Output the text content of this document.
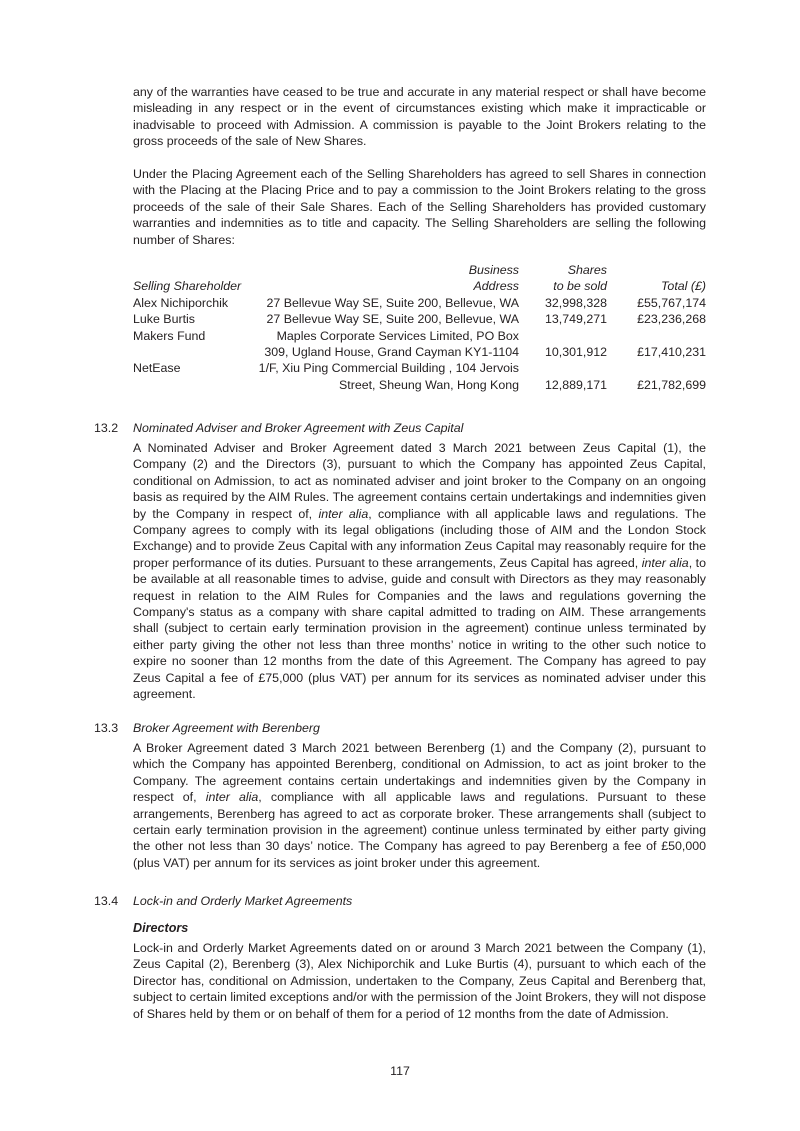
any of the warranties have ceased to be true and accurate in any material respect or shall have become misleading in any respect or in the event of circumstances existing which make it impracticable or inadvisable to proceed with Admission. A commission is payable to the Joint Brokers relating to the gross proceeds of the sale of New Shares.

Under the Placing Agreement each of the Selling Shareholders has agreed to sell Shares in connection with the Placing at the Placing Price and to pay a commission to the Joint Brokers relating to the gross proceeds of the sale of their Sale Shares. Each of the Selling Shareholders has provided customary warranties and indemnities as to title and capacity. The Selling Shareholders are selling the following number of Shares:

	Business	Shares	
Selling Shareholder	Address	to be sold	Total (£)
Alex Nichiporchik	27 Bellevue Way SE, Suite 200, Bellevue, WA	32,998,328	£55,767,174
Luke Burtis	27 Bellevue Way SE, Suite 200, Bellevue, WA	13,749,271	£23,236,268
Makers Fund	Maples Corporate Services Limited, PO Box		
	309, Ugland House, Grand Cayman KY1-1104	10,301,912	£17,410,231
NetEase	1/F, Xiu Ping Commercial Building , 104 Jervois		
	Street, Sheung Wan, Hong Kong	12,889,171	£21,782,699
13.2 Nominated Adviser and Broker Agreement with Zeus Capital

A Nominated Adviser and Broker Agreement dated 3 March 2021 between Zeus Capital (1), the Company (2) and the Directors (3), pursuant to which the Company has appointed Zeus Capital, conditional on Admission, to act as nominated adviser and joint broker to the Company on an ongoing basis as required by the AIM Rules. The agreement contains certain undertakings and indemnities given by the Company in respect of, inter alia, compliance with all applicable laws and regulations. The Company agrees to comply with its legal obligations (including those of AIM and the London Stock Exchange) and to provide Zeus Capital with any information Zeus Capital may reasonably require for the proper performance of its duties. Pursuant to these arrangements, Zeus Capital has agreed, inter alia, to be available at all reasonable times to advise, guide and consult with Directors as they may reasonably request in relation to the AIM Rules for Companies and the laws and regulations governing the Company's status as a company with share capital admitted to trading on AIM. These arrangements shall (subject to certain early termination provision in the agreement) continue unless terminated by either party giving the other not less than three months’ notice in writing to the other such notice to expire no sooner than 12 months from the date of this Agreement. The Company has agreed to pay Zeus Capital a fee of £75,000 (plus VAT) per annum for its services as nominated adviser under this agreement.

13.3 Broker Agreement with Berenberg

A Broker Agreement dated 3 March 2021 between Berenberg (1) and the Company (2), pursuant to which the Company has appointed Berenberg, conditional on Admission, to act as joint broker to the Company. The agreement contains certain undertakings and indemnities given by the Company in respect of, inter alia, compliance with all applicable laws and regulations. Pursuant to these arrangements, Berenberg has agreed to act as corporate broker. These arrangements shall (subject to certain early termination provision in the agreement) continue unless terminated by either party giving the other not less than 30 days’ notice. The Company has agreed to pay Berenberg a fee of £50,000 (plus VAT) per annum for its services as joint broker under this agreement.

13.4 Lock-in and Orderly Market Agreements
Directors

Lock-in and Orderly Market Agreements dated on or around 3 March 2021 between the Company (1), Zeus Capital (2), Berenberg (3), Alex Nichiporchik and Luke Burtis (4), pursuant to which each of the Director has, conditional on Admission, undertaken to the Company, Zeus Capital and Berenberg that, subject to certain limited exceptions and/or with the permission of the Joint Brokers, they will not dispose of Shares held by them or on behalf of them for a period of 12 months from the date of Admission.

117
